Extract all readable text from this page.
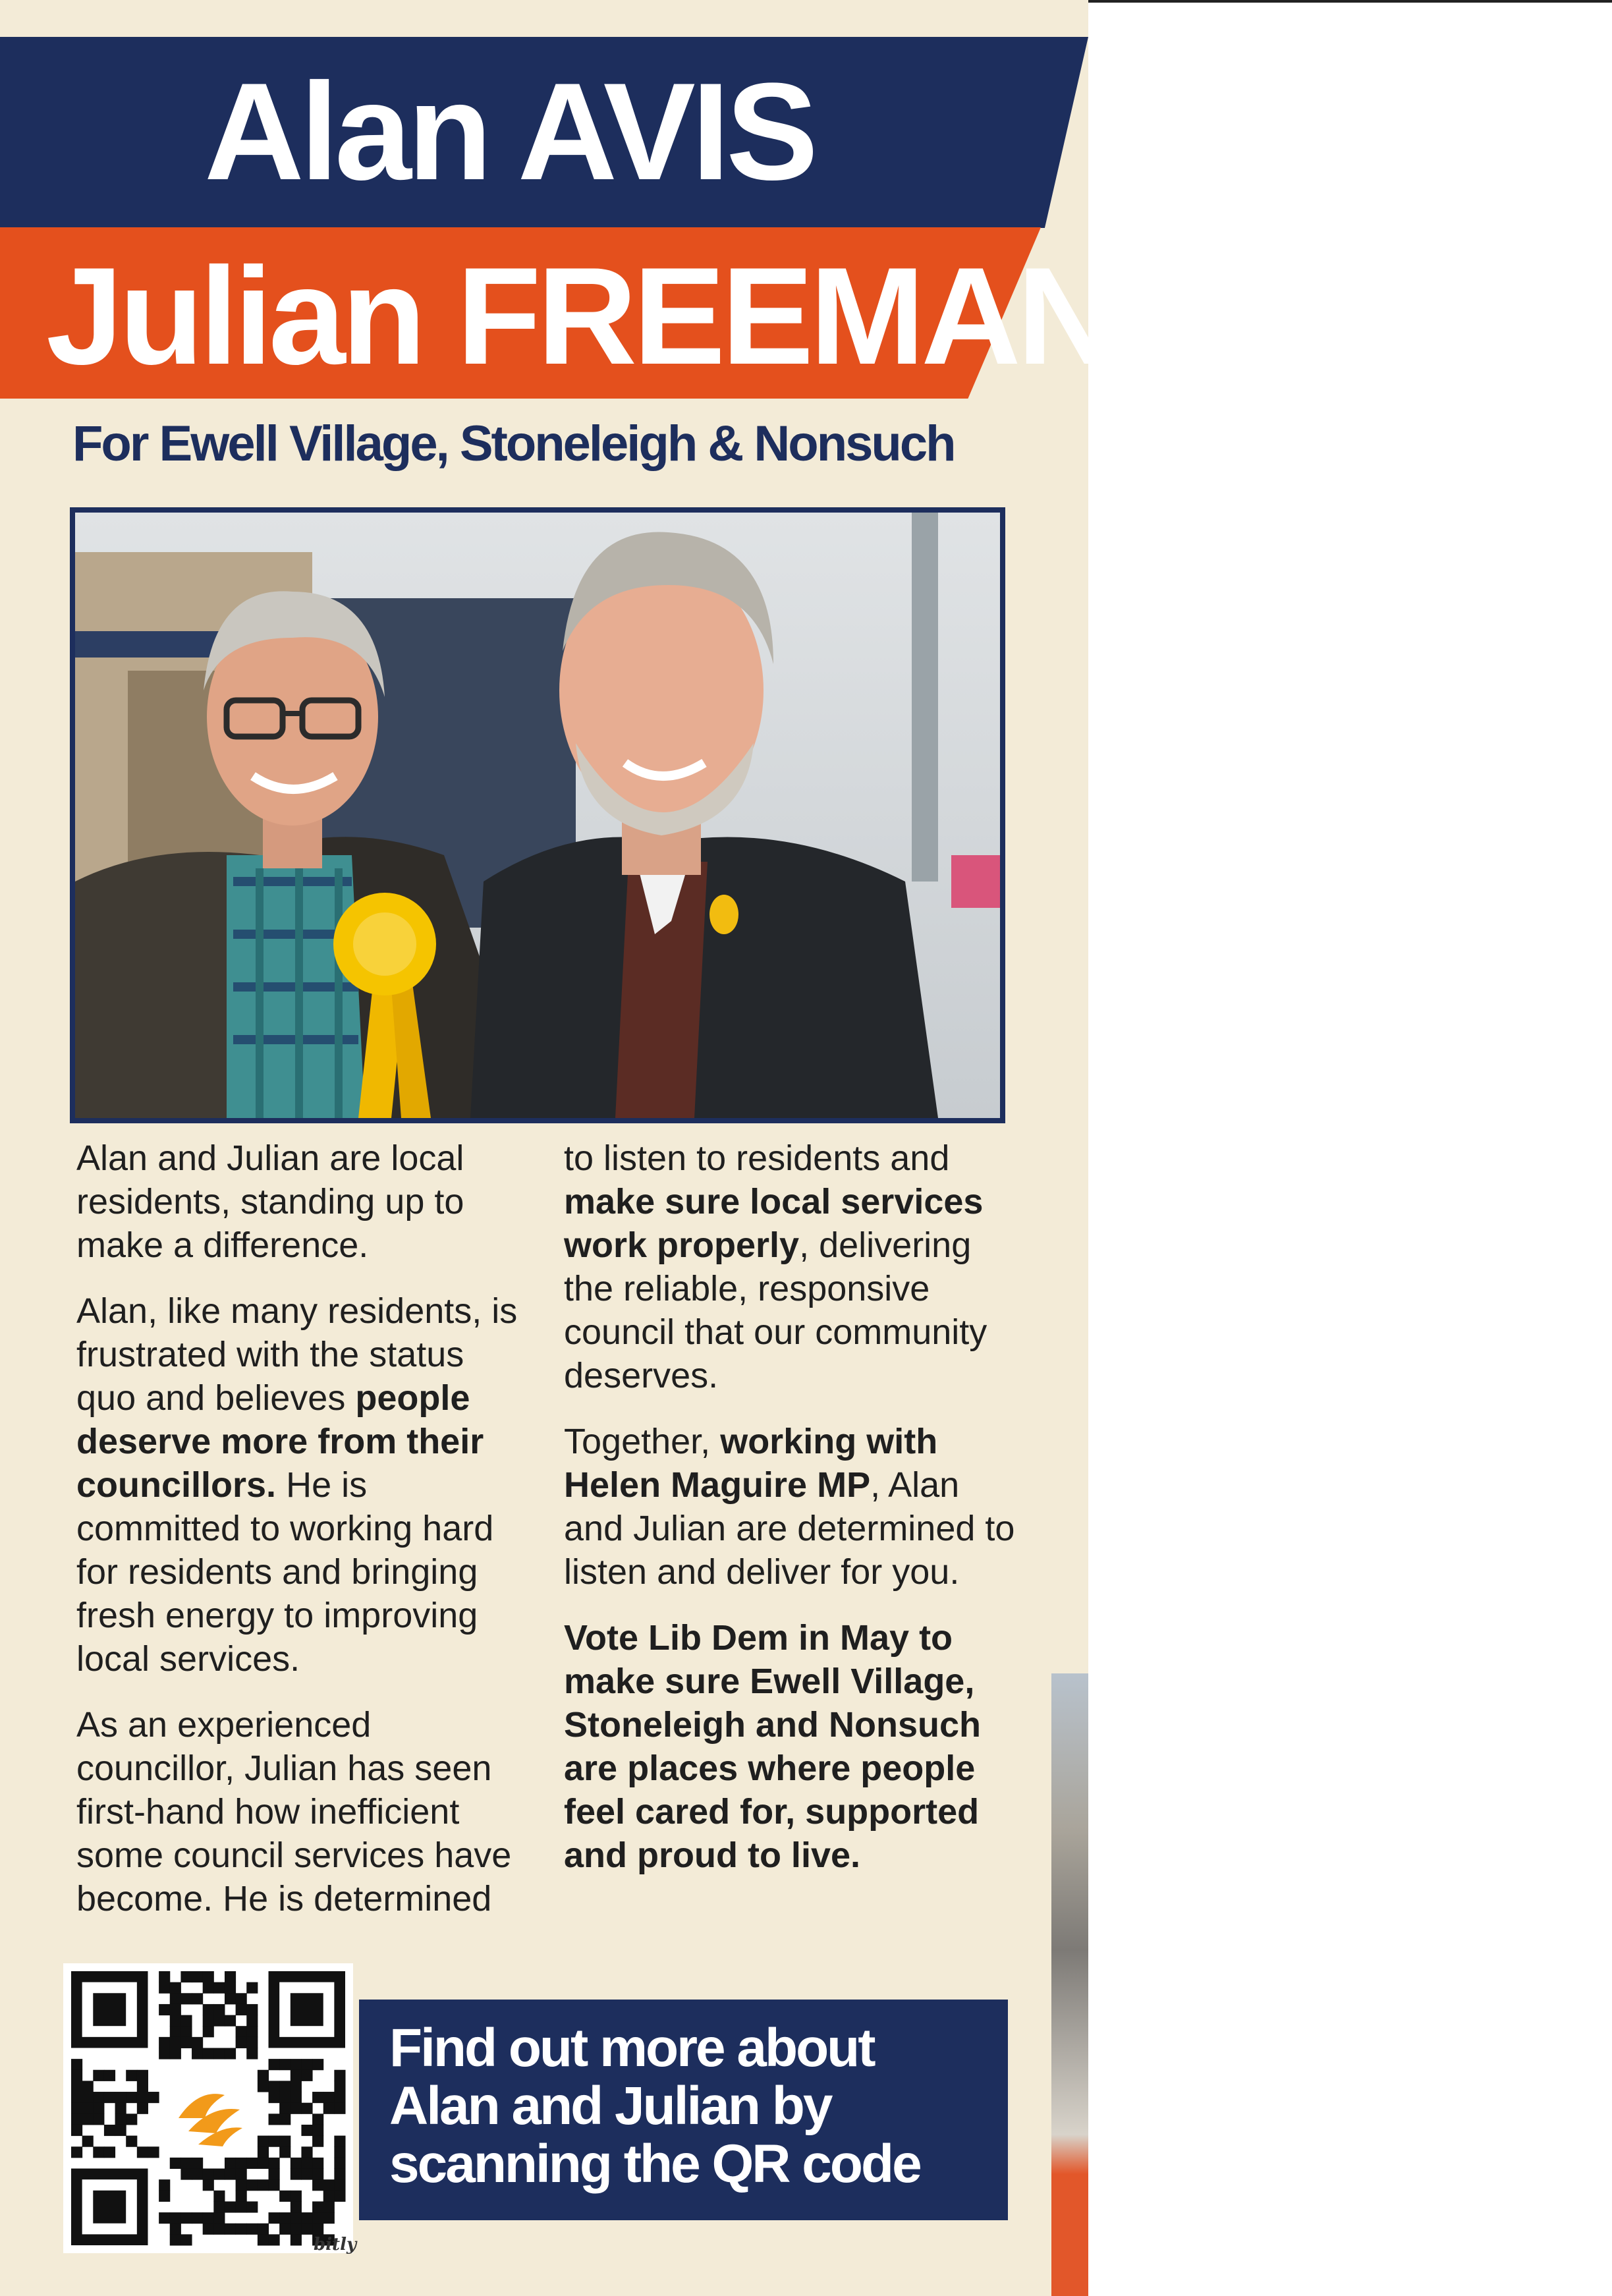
Alan AVIS
Julian FREEMAN
For Ewell Village, Stoneleigh & Nonsuch

Alan and Julian are local residents, standing up to make a difference.

Alan, like many residents, is frustrated with the status quo and believes people deserve more from their councillors. He is committed to working hard for residents and bringing fresh energy to improving local services.

As an experienced councillor, Julian has seen first-hand how inefficient some council services have become. He is determined

to listen to residents and make sure local services work properly, delivering the reliable, responsive council that our community deserves.

Together, working with Helen Maguire MP, Alan and Julian are determined to listen and deliver for you.

Vote Lib Dem in May to make sure Ewell Village, Stoneleigh and Nonsuch are places where people feel cared for, supported and proud to live.

bitly
Find out more about
Alan and Julian by
scanning the QR code
